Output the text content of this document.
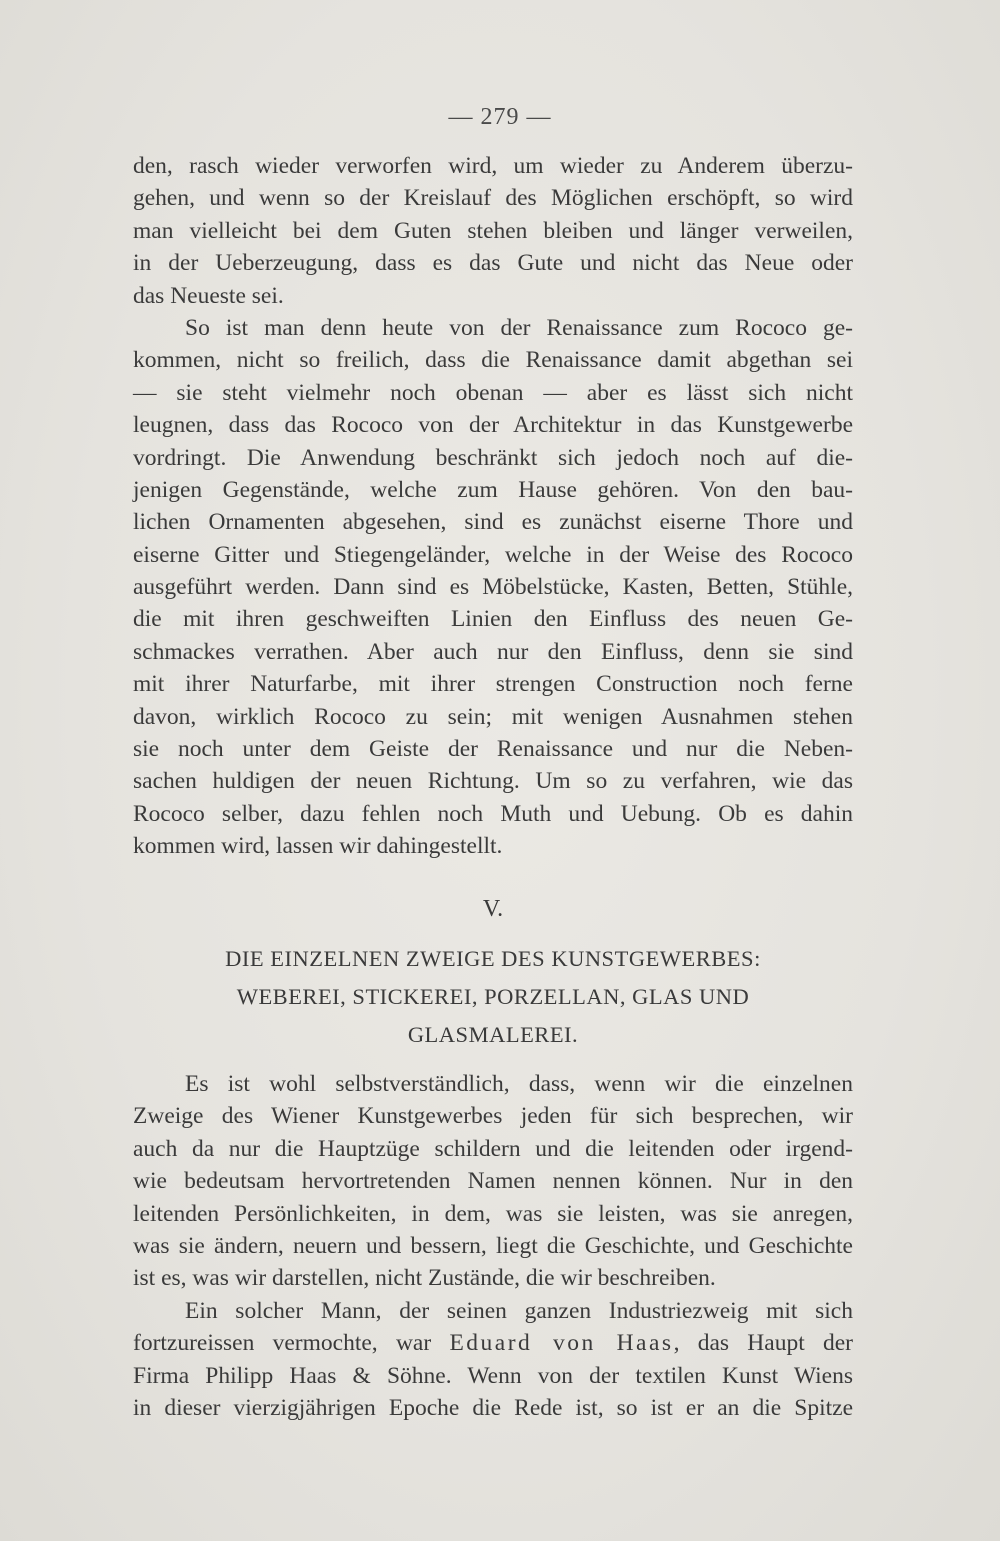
— 279 —
den, rasch wieder verworfen wird, um wieder zu Anderem überzu-
gehen, und wenn so der Kreislauf des Möglichen erschöpft, so wird
man vielleicht bei dem Guten stehen bleiben und länger verweilen,
in der Ueberzeugung, dass es das Gute und nicht das Neue oder
das Neueste sei.
So ist man denn heute von der Renaissance zum Rococo ge-
kommen, nicht so freilich, dass die Renaissance damit abgethan sei
— sie steht vielmehr noch obenan — aber es lässt sich nicht
leugnen, dass das Rococo von der Architektur in das Kunstgewerbe
vordringt. Die Anwendung beschränkt sich jedoch noch auf die-
jenigen Gegenstände, welche zum Hause gehören. Von den bau-
lichen Ornamenten abgesehen, sind es zunächst eiserne Thore und
eiserne Gitter und Stiegengeländer, welche in der Weise des Rococo
ausgeführt werden. Dann sind es Möbelstücke, Kasten, Betten, Stühle,
die mit ihren geschweiften Linien den Einfluss des neuen Ge-
schmackes verrathen. Aber auch nur den Einfluss, denn sie sind
mit ihrer Naturfarbe, mit ihrer strengen Construction noch ferne
davon, wirklich Rococo zu sein; mit wenigen Ausnahmen stehen
sie noch unter dem Geiste der Renaissance und nur die Neben-
sachen huldigen der neuen Richtung. Um so zu verfahren, wie das
Rococo selber, dazu fehlen noch Muth und Uebung. Ob es dahin
kommen wird, lassen wir dahingestellt.
V.
DIE EINZELNEN ZWEIGE DES KUNSTGEWERBES:
WEBEREI, STICKEREI, PORZELLAN, GLAS UND
GLASMALEREI.
Es ist wohl selbstverständlich, dass, wenn wir die einzelnen
Zweige des Wiener Kunstgewerbes jeden für sich besprechen, wir
auch da nur die Hauptzüge schildern und die leitenden oder irgend-
wie bedeutsam hervortretenden Namen nennen können. Nur in den
leitenden Persönlichkeiten, in dem, was sie leisten, was sie anregen,
was sie ändern, neuern und bessern, liegt die Geschichte, und Geschichte
ist es, was wir darstellen, nicht Zustände, die wir beschreiben.
Ein solcher Mann, der seinen ganzen Industriezweig mit sich
fortzureissen vermochte, war Eduard von Haas, das Haupt der
Firma Philipp Haas & Söhne. Wenn von der textilen Kunst Wiens
in dieser vierzigjährigen Epoche die Rede ist, so ist er an die Spitze
